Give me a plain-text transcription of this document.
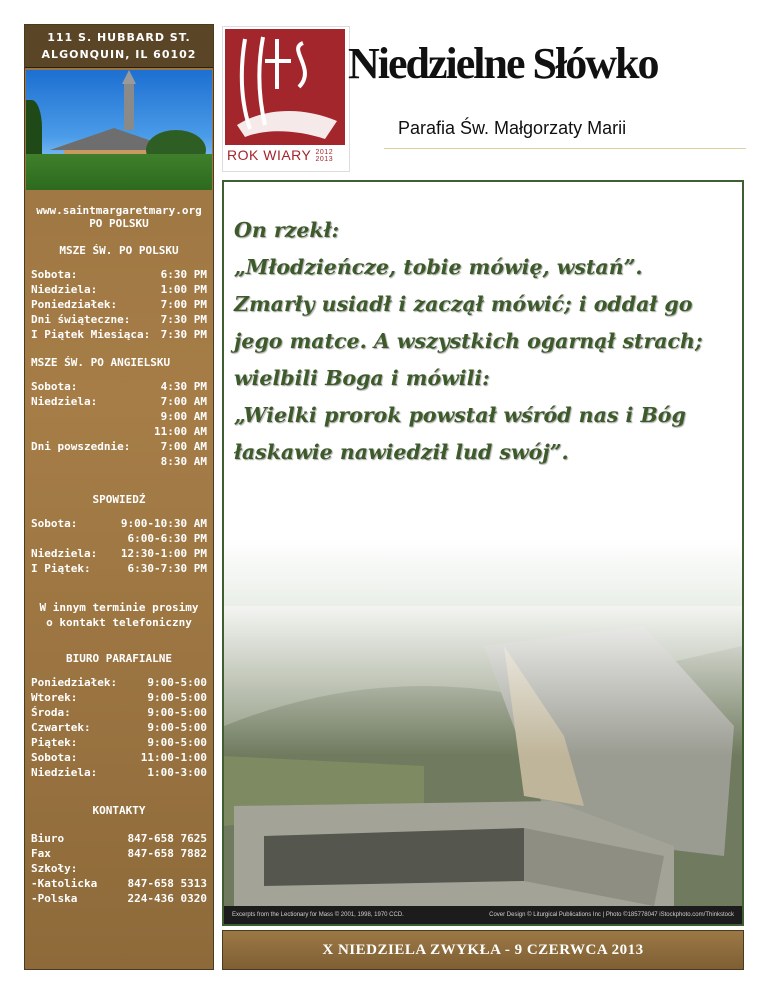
111 S. HUBBARD ST.
ALGONQUIN, IL 60102
www.saintmargaretmary.org
PO POLSKU
MSZE ŚW. PO POLSKU
Sobota:	6:30 PM
Niedziela:	1:00 PM
Poniedziałek:	7:00 PM
Dni świąteczne:	7:30 PM
I Piątek Miesiąca: 7:30 PM
MSZE ŚW. PO ANGIELSKU
Sobota:	4:30 PM
Niedziela:	7:00 AM
9:00 AM
11:00 AM
Dni powszednie:	7:00 AM
8:30 AM
SPOWIEDŹ
Sobota:	9:00-10:30 AM
6:00-6:30 PM
Niedziela: 12:30-1:00 PM
I Piątek:	6:30-7:30 PM
W innym terminie prosimy
o kontakt telefoniczny
BIURO PARAFIALNE
Poniedziałek:	9:00-5:00
Wtorek:	9:00-5:00
Środa:	9:00-5:00
Czwartek:	9:00-5:00
Piątek:	9:00-5:00
Sobota:	11:00-1:00
Niedziela:	1:00-3:00
KONTAKTY
Biuro	847-658 7625
Fax	847-658 7882
Szkoły:
-Katolicka	847-658 5313
-Polska	224-436 0320
ROK WIARY 2012
2013
Niedzielne Słówko
Parafia Św. Małgorzaty Marii
On rzekł:
„Młodzieńcze, tobie mówię, wstań”.
Zmarły usiadł i zaczął mówić; i oddał go
jego matce. A wszystkich ogarnął strach;
wielbili Boga i mówili:
„Wielki prorok powstał wśród nas i Bóg
łaskawie nawiedził lud swój”.
Excerpts from the Lectionary for Mass © 2001, 1998, 1970 CCD.	Cover Design © Liturgical Publications Inc | Photo ©185778047 iStockphoto.com/Thinkstock
X NIEDZIELA ZWYKŁA - 9 CZERWCA 2013
